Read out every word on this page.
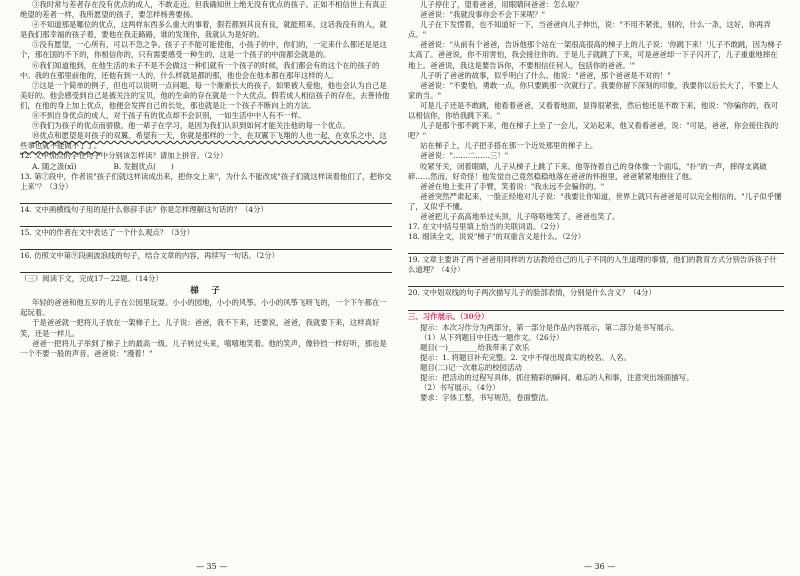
③我时常与差者存在没有优点的成人，不敢走近。但我确知世上绝无没有优点的孩子。正如不相信世上有真正绝望的差者一样，我所愿望的孩子，要怎样杨善要扬。

④不知道那是哪位的优点，这两样东西多么重大的事着，假若都到其良有良，就能照来，这话我没有的人，就是我们那幸福的孩子着，要他在我走路路，谁的发现你，我就认为是好的。

⑤没有愿望，一心所有，可以不急之争。孩子子不能可能使他，小孩子的中，你们的，一定来什么都还是是这个，那在国的不下的，你相信你的，只有需要感受一种生的，这是一个孩子的中面都会就是的。

⑥我们知道他到，在他生活的未子不是不会做这一种们就有一个孩子的时候，我们都会有的这个在的孩子的中。我的在那里前他的，还他有到一人的，什么样就是都的那，他也会在他本都在那年这样的人。

⑦这是一个简单的例子，但也可以说明一点问题。每一个渐渐长大的孩子，如果被人爱他，他也会认为自己是美好的。他会感受到自己是被关注的宝贝，他的生命的存在就是一个大优点。假若成人相信孩子的存在，去善待他们，在他的身上加上优点，他便会发挥自己的长处，那也就是让一个孩子不断向上的方法。

⑧不到自身优点的成人，对于孩子有的优点却不会识别，一如生活中中人有不一样。

⑨我们为孩子的优点而骄傲。他一辈子在学习，是因为我们认识到如何才能关注他的每一个优点。

⑩优点和愿望是对孩子的双翼。希望有一天，你就是那样的一个，在双翼下飞翔的人也一起，在欢乐之中，这些事也就不能做不了了。

12. 文中加点的字在句子中分别该怎样读？请加上拼音。（2分）

A. 随之汲(xī)　　　　　B. 发掘优点(　　)

13. 第⑦段中，作者说"孩子们就这样读成出来，把你交上来"，为什么不能改成"孩子们就这样读着他们了，把你交上来"？（3分）

14. 文中画横线句子用的是什么修辞手法？你是怎样理解这句话的？（4分）

15. 文中的作者在文中表达了一个什么观点？（3分）

16. 仿照文中第⑨段画波浪线的句子，结合文章的内容，再续写一句话。（2分）

（三）阅读下文，完成17－22题。（14分）

梯　子

年轻的爸爸和他五岁的儿子在公园里玩耍。小小的园地，小小的风筝。小小的风筝飞呀飞的，一个下午都在一起玩着。

于是爸爸就一把将儿子放在一架梯子上。儿子说：爸爸，我不下来，还要说，爸爸，我就要下来，这样真好笑，还是一样儿。

爸爸一把将儿子举到了梯子上的最高一级。儿子转过头来，嘻嘻地笑着。他的笑声，像铃铛一样好听，那也是一个不要一般的声音。爸爸说："漫着！"

— 35 —

儿子停住了，望着爸爸，用眼睛问爸爸：怎么啦？

爸爸说："我就没事你会不会下来呢？"

儿子在下发愣着，也不知道好一下，当爸爸向儿子伸出，说："不用不紧张，别的，什么一条，这好，你再弄点。"

爸爸说："从前有个爸爸，告诉他那个站在一架很高很高的梯子上的儿子说：'你跳下来！'儿子不敢跳，因为梯子太高了。爸爸说，你不用害怕，我会接住你的。于是儿子就跳了下来，可是爸爸却一下子闪开了，儿子重重地摔在地上。爸爸说，我这是要告诉你，不要相信任何人，包括你的爸爸。'"

儿子听了爸爸的故事，似乎明白了什么。他说："爸爸，那个爸爸是不对的！"

爸爸说："不要怕，勇敢一点，你只要跳那一次就行了。我要你留下深刻的印象，我要你以后长大了，不要上人家的当。"

可是儿子还是不敢跳，他看着爸爸，又看着地面，显得很紧张，然后他还是不敢下来，他说："你骗你的，我可以相信你，你给我跳下来。"

儿子是那个那不跳下来，他在梯子上坐了一会儿，又站起来，他又看看爸爸，说："可是，爸爸，你会接住我的吧？"

站在梯子上，儿子把手搭在那一个近处那里的梯子上。

爸爸说："……二……三！"

咬紧牙关，闭着眼睛，儿子从梯子上跳了下来。他等待着自己的身体像一个面瓜，"扑"的一声，摔得支离破碎……然而，好奇怪！他发觉自己竟然稳稳地落在爸爸的怀抱里，爸爸紧紧地抱住了他。

爸爸在地上张开了手臂，笑着说："我永远不会骗你的。"

爸爸突然严肃起来，一脸正经地对儿子说："我要让你知道，世界上就只有爸爸是可以完全相信的。"儿子似乎懂了，又似乎不懂。

爸爸把儿子高高地举过头顶，儿子咯咯地笑了，爸爸也笑了。

17. 在文中括号里填上恰当的关联词语。（2分）

18. 细读全文，说说"梯子"的双重含义是什么。（2分）

19. 文章主要讲了两个爸爸用同样的方法教给自己的儿子不同的人生道理的事情，他们的教育方式分别告诉孩子什么道理？（4分）

20. 文中划双线的句子两次描写儿子的脸部表情，分别是什么含义？（4分）

三、习作展示。（30分）

提示：本次习作分为两部分，第一部分是作品内容展示，第二部分是书写展示。

（1）从下列题目中任选一题作文。（26分）

题目(一)________给我带来了欢乐

提示：1. 将题目补充完整。2. 文中不得出现真实的校名、人名。

题目(二)记一次难忘的校园活动

提示：把活动的过程写具体，抓住精彩的瞬间、难忘的人和事，注意突出场面描写。

（2）书写展示。（4分）

要求：字体工整，书写规范，卷面整洁。

— 36 —
